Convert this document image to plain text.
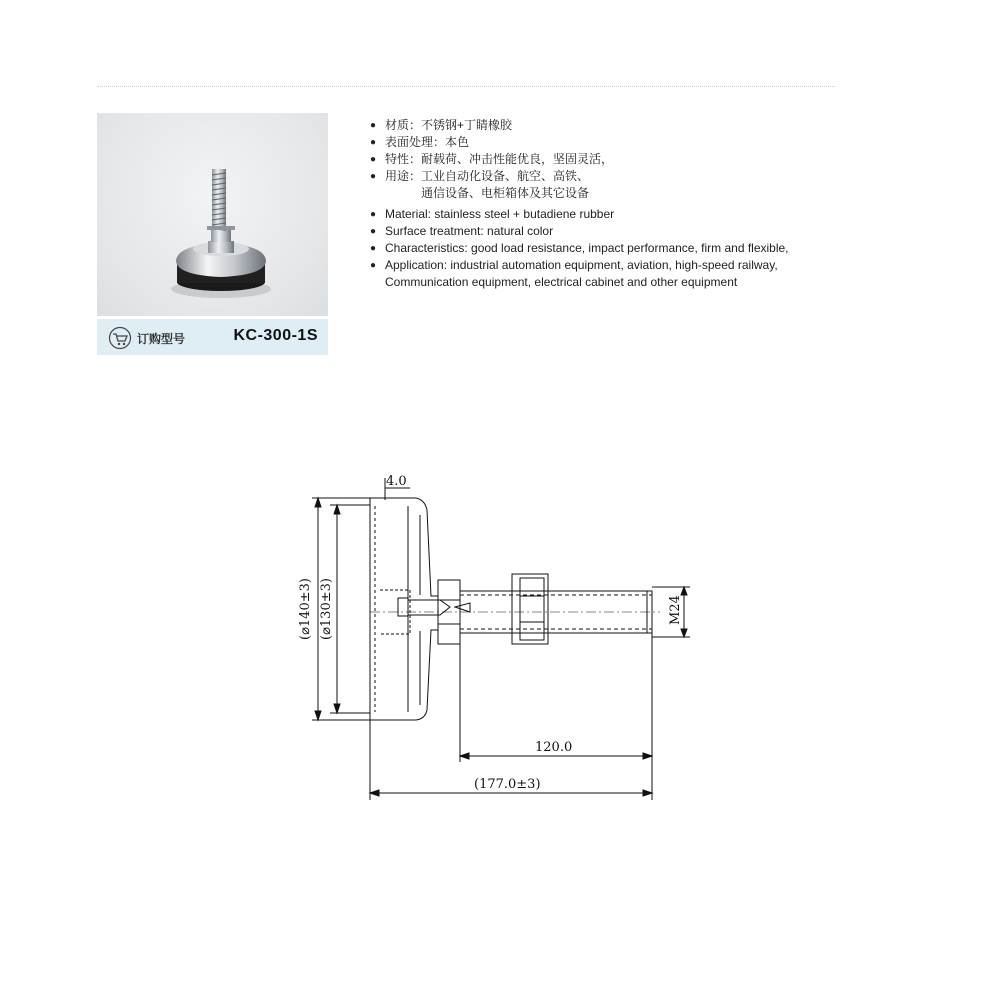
订购型号	KC-300-1S
● 材质：不锈钢+丁睛橡胶
● 表面处理：本色
● 特性：耐载荷、冲击性能优良，坚固灵活，
● 用途：工业自动化设备、航空、高铁、
通信设备、电柜箱体及其它设备
● Material: stainless steel + butadiene rubber
● Surface treatment: natural color
● Characteristics: good load resistance, impact performance, firm and flexible,
● Application: industrial automation equipment, aviation, high-speed railway,
Communication equipment, electrical cabinet and other equipment
4.0
(⌀140±3) (⌀130±3)	M24
120.0
(177.0±3)
